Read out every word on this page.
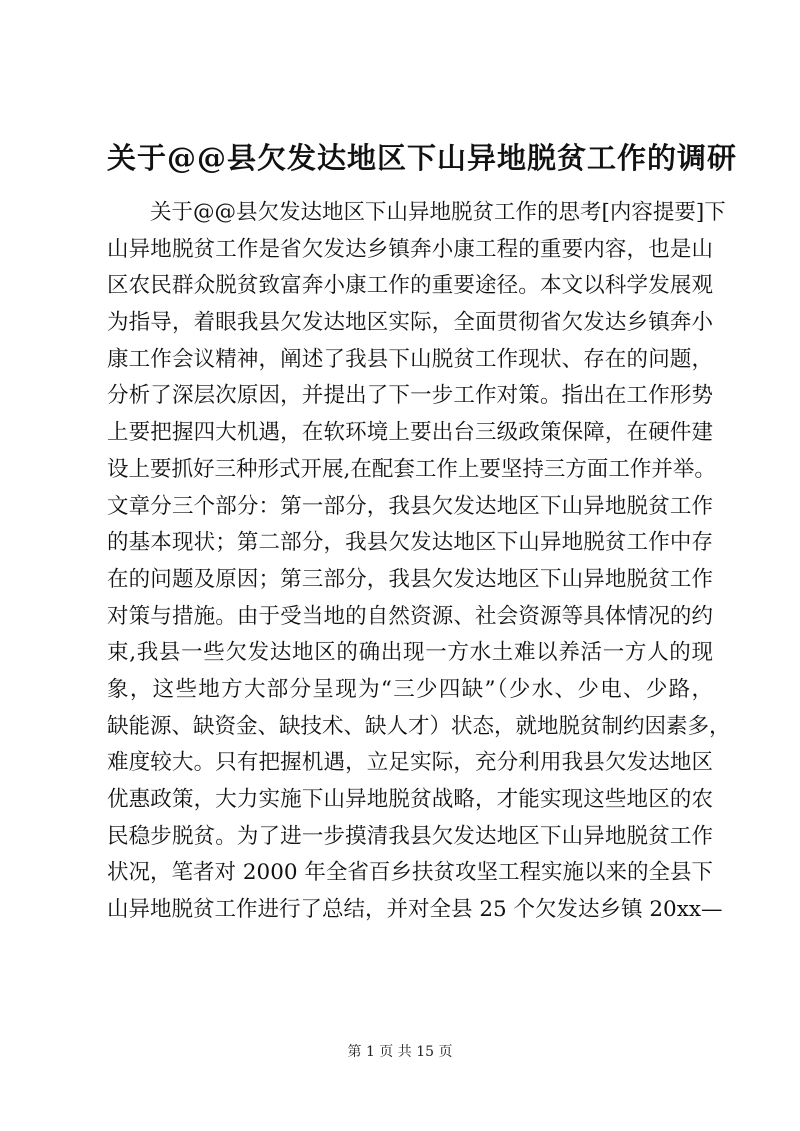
关于@@县欠发达地区下山异地脱贫工作的调研
关于@@县欠发达地区下山异地脱贫工作的思考[内容提要]下
山异地脱贫工作是省欠发达乡镇奔小康工程的重要内容，也是山
区农民群众脱贫致富奔小康工作的重要途径。本文以科学发展观
为指导，着眼我县欠发达地区实际，全面贯彻省欠发达乡镇奔小
康工作会议精神，阐述了我县下山脱贫工作现状、存在的问题，
分析了深层次原因，并提出了下一步工作对策。指出在工作形势
上要把握四大机遇，在软环境上要出台三级政策保障，在硬件建
设上要抓好三种形式开展,在配套工作上要坚持三方面工作并举。
文章分三个部分：第一部分，我县欠发达地区下山异地脱贫工作
的基本现状；第二部分，我县欠发达地区下山异地脱贫工作中存
在的问题及原因；第三部分，我县欠发达地区下山异地脱贫工作
对策与措施。由于受当地的自然资源、社会资源等具体情况的约
束,我县一些欠发达地区的确出现一方水土难以养活一方人的现
象，这些地方大部分呈现为“三少四缺”（少水、少电、少路，
缺能源、缺资金、缺技术、缺人才）状态，就地脱贫制约因素多，
难度较大。只有把握机遇，立足实际，充分利用我县欠发达地区
优惠政策，大力实施下山异地脱贫战略，才能实现这些地区的农
民稳步脱贫。为了进一步摸清我县欠发达地区下山异地脱贫工作
状况，笔者对 2000 年全省百乡扶贫攻坚工程实施以来的全县下
山异地脱贫工作进行了总结，并对全县 25 个欠发达乡镇 20xx—
第 1 页 共 15 页
